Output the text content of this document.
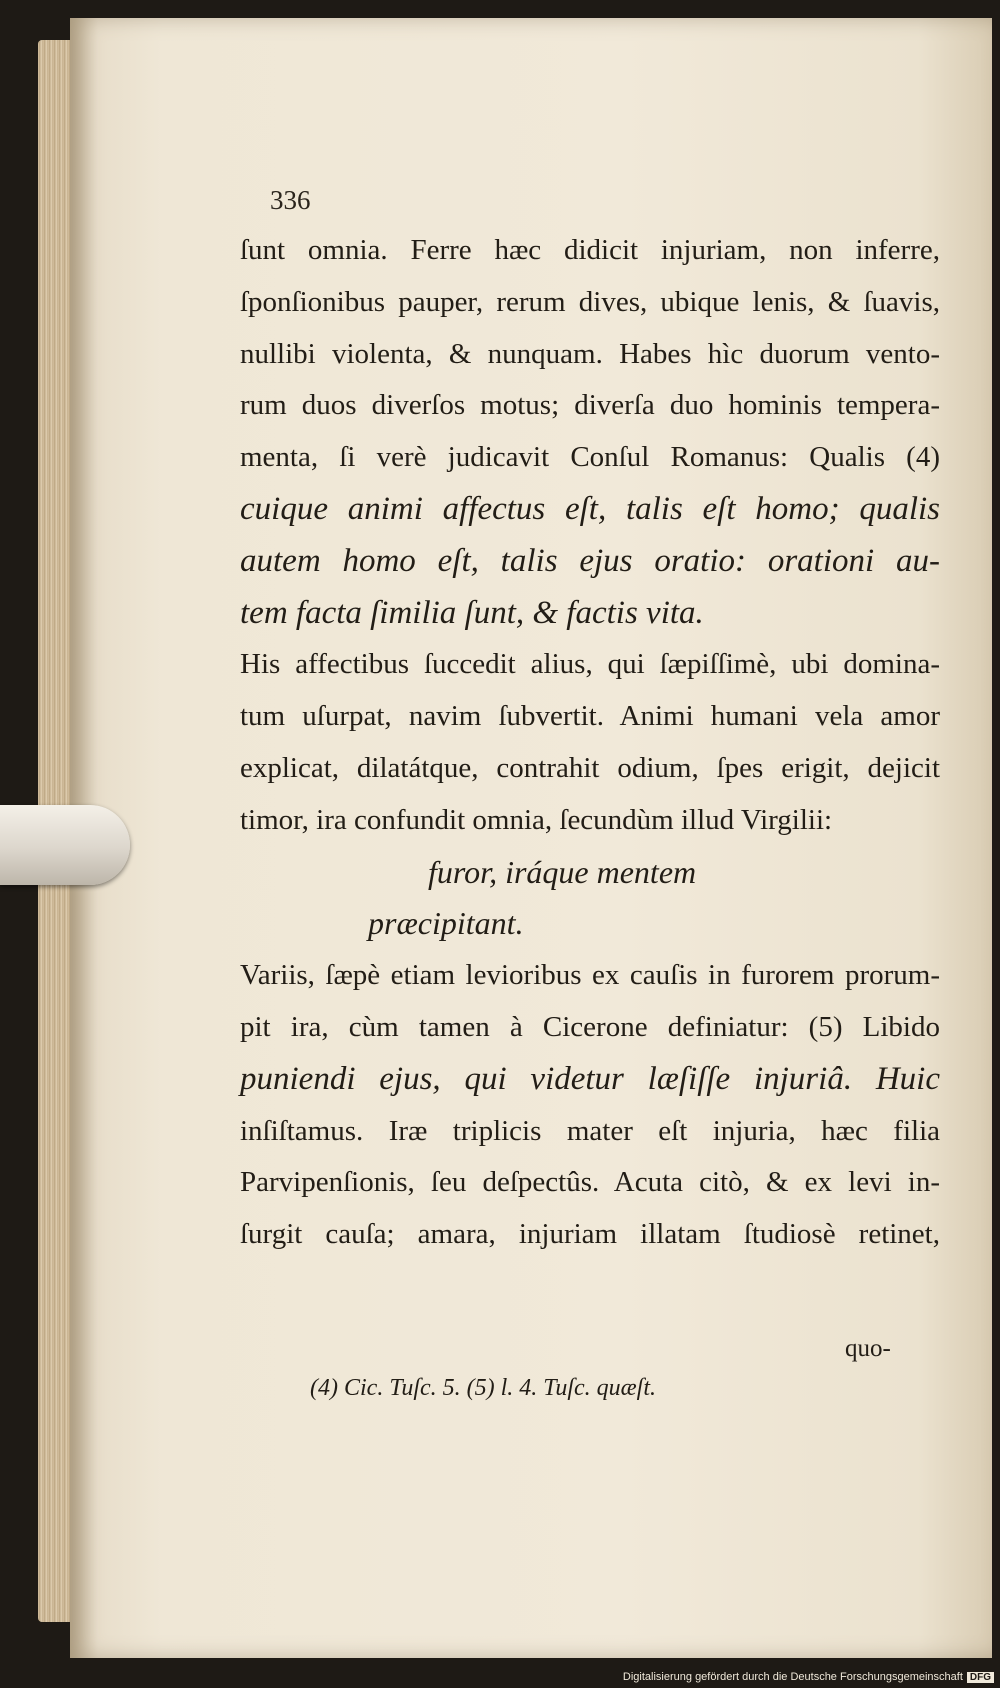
336
ſunt omnia. Ferre hæc didicit injuriam, non inferre,
ſponſionibus pauper, rerum dives, ubique lenis, & ſuavis,
nullibi violenta, & nunquam. Habes hìc duorum vento-
rum duos diverſos motus; diverſa duo hominis tempera-
menta, ſi verè judicavit Conſul Romanus: Qualis (4)
cuique animi affectus eſt, talis eſt homo; qualis
autem homo eſt, talis ejus oratio: orationi au-
tem facta ſimilia ſunt, & factis vita.
His affectibus ſuccedit alius, qui ſæpiſſimè, ubi domina-
tum uſurpat, navim ſubvertit. Animi humani vela amor
explicat, dilatátque, contrahit odium, ſpes erigit, dejicit
timor, ira confundit omnia, ſecundùm illud Virgilii:
furor, iráque mentem
præcipitant.
Variis, ſæpè etiam levioribus ex cauſis in furorem prorum-
pit ira, cùm tamen à Cicerone definiatur: (5) Libido
puniendi ejus, qui videtur læſiſſe injuriâ. Huic
inſiſtamus. Iræ triplicis mater eſt injuria, hæc filia
Parvipenſionis, ſeu deſpectûs. Acuta citò, & ex levi in-
ſurgit cauſa; amara, injuriam illatam ſtudiosè retinet,
quo-
(4) Cic. Tuſc. 5. (5) l. 4. Tuſc. quæſt.
Digitalisierung gefördert durch die Deutsche Forschungsgemeinschaft DFG
